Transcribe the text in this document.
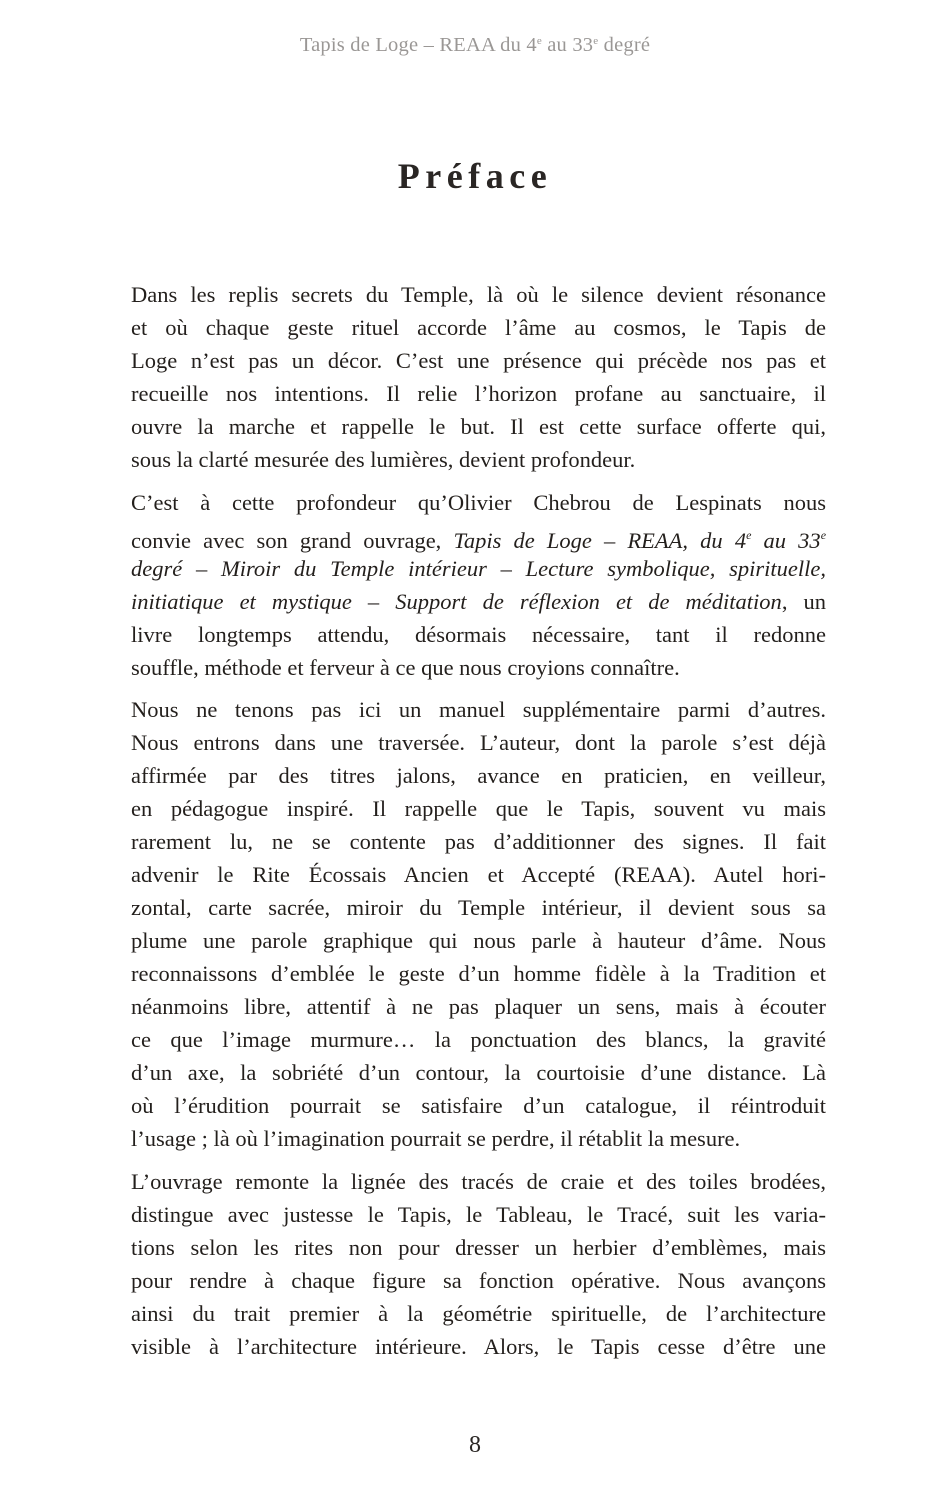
Tapis de Loge – REAA du 4e au 33e degré
Préface
Dans les replis secrets du Temple, là où le silence devient résonance
et où chaque geste rituel accorde l’âme au cosmos, le Tapis de
Loge n’est pas un décor. C’est une présence qui précède nos pas et
recueille nos intentions. Il relie l’horizon profane au sanctuaire, il
ouvre la marche et rappelle le but. Il est cette surface offerte qui,
sous la clarté mesurée des lumières, devient profondeur.
C’est à cette profondeur qu’Olivier Chebrou de Lespinats nous
convie avec son grand ouvrage, Tapis de Loge – REAA, du 4e au 33e
degré – Miroir du Temple intérieur – Lecture symbolique, spirituelle,
initiatique et mystique – Support de réflexion et de méditation, un
livre longtemps attendu, désormais nécessaire, tant il redonne
souffle, méthode et ferveur à ce que nous croyions connaître.
Nous ne tenons pas ici un manuel supplémentaire parmi d’autres.
Nous entrons dans une traversée. L’auteur, dont la parole s’est déjà
affirmée par des titres jalons, avance en praticien, en veilleur,
en pédagogue inspiré. Il rappelle que le Tapis, souvent vu mais
rarement lu, ne se contente pas d’additionner des signes. Il fait
advenir le Rite Écossais Ancien et Accepté (REAA). Autel hori-
zontal, carte sacrée, miroir du Temple intérieur, il devient sous sa
plume une parole graphique qui nous parle à hauteur d’âme. Nous
reconnaissons d’emblée le geste d’un homme fidèle à la Tradition et
néanmoins libre, attentif à ne pas plaquer un sens, mais à écouter
ce que l’image murmure… la ponctuation des blancs, la gravité
d’un axe, la sobriété d’un contour, la courtoisie d’une distance. Là
où l’érudition pourrait se satisfaire d’un catalogue, il réintroduit
l’usage ; là où l’imagination pourrait se perdre, il rétablit la mesure.
L’ouvrage remonte la lignée des tracés de craie et des toiles brodées,
distingue avec justesse le Tapis, le Tableau, le Tracé, suit les varia-
tions selon les rites non pour dresser un herbier d’emblèmes, mais
pour rendre à chaque figure sa fonction opérative. Nous avançons
ainsi du trait premier à la géométrie spirituelle, de l’architecture
visible à l’architecture intérieure. Alors, le Tapis cesse d’être une
8
